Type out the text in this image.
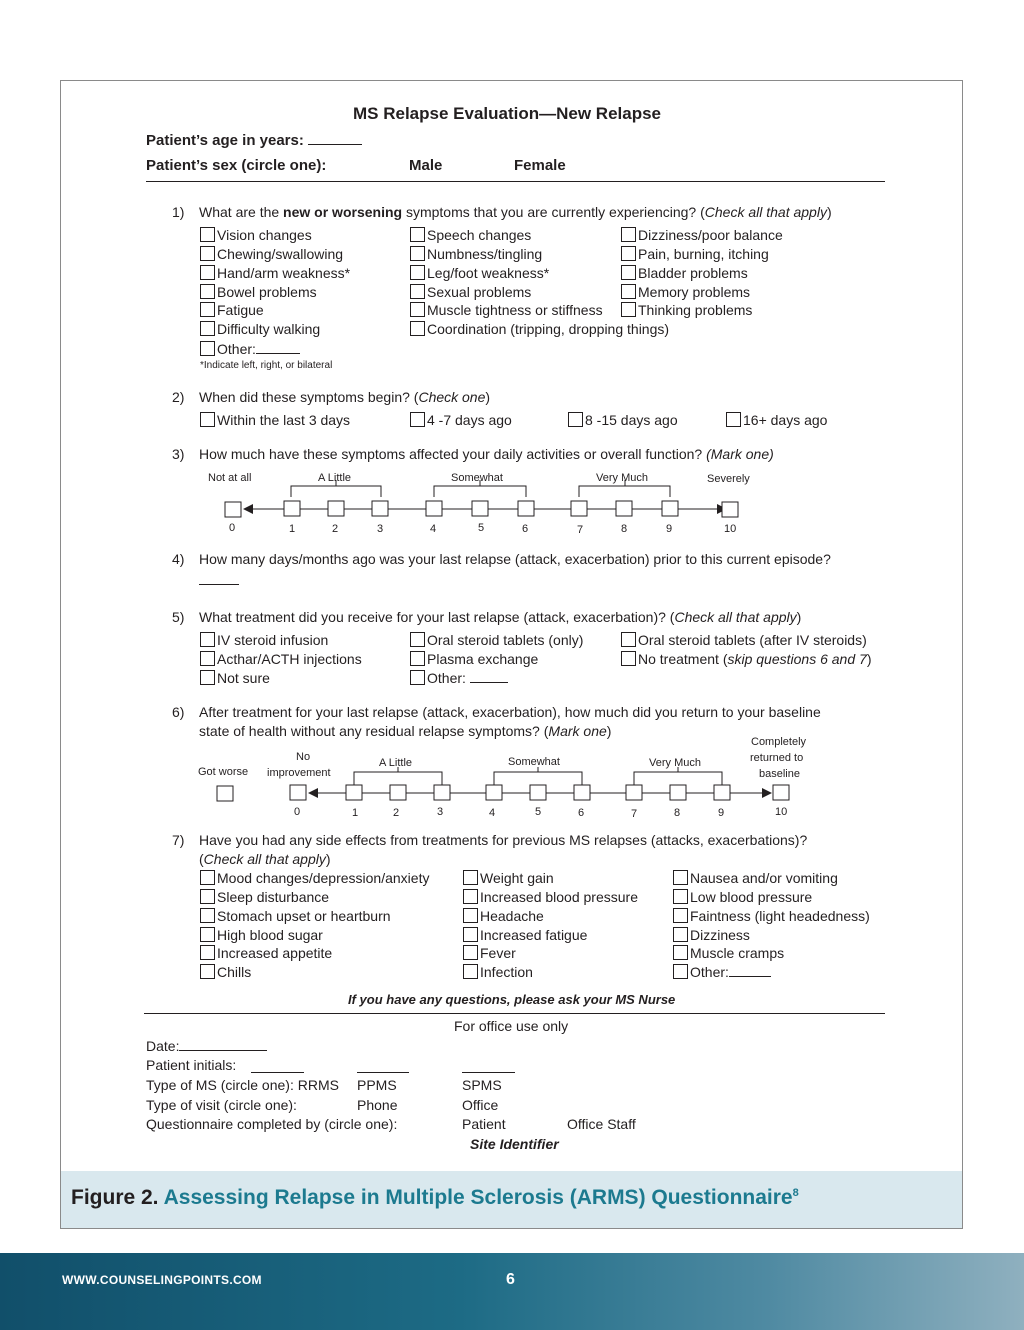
MS Relapse Evaluation—New Relapse
Patient’s age in years:
Patient’s sex (circle one):	Male	Female
1) What are the new or worsening symptoms that you are currently experiencing? (Check all that apply)
Vision changes
Chewing/swallowing
Hand/arm weakness*
Bowel problems
Fatigue
Difficulty walking
Other:
*Indicate left, right, or bilateral
Speech changes
Numbness/tingling
Leg/foot weakness*
Sexual problems
Muscle tightness or stiffness
Coordination (tripping, dropping things)
Dizziness/poor balance
Pain, burning, itching
Bladder problems
Memory problems
Thinking problems
2) When did these symptoms begin? (Check one)
Within the last 3 days	4 -7 days ago	8 -15 days ago	16+ days ago
3) How much have these symptoms affected your daily activities or overall function? (Mark one)
Not at all	A Little	Somewhat	Very Much	Severely
0	1	2	3	4	5	6	7	8	9	10
4) How many days/months ago was your last relapse (attack, exacerbation) prior to this current episode?
5) What treatment did you receive for your last relapse (attack, exacerbation)? (Check all that apply)
IV steroid infusion
Acthar/ACTH injections
Not sure
Oral steroid tablets (only)
Plasma exchange
Other:
Oral steroid tablets (after IV steroids)
No treatment (skip questions 6 and 7)
6) After treatment for your last relapse (attack, exacerbation), how much did you return to your baseline
state of health without any residual relapse symptoms? (Mark one)
Got worse
No
improvement
A Little	Somewhat	Very Much
Completely
returned to
baseline
0	1	2	3	4	5	6	7	8	9	10
7) Have you had any side effects from treatments for previous MS relapses (attacks, exacerbations)?
(Check all that apply)
Mood changes/depression/anxiety
Sleep disturbance
Stomach upset or heartburn
High blood sugar
Increased appetite
Chills
Weight gain
Increased blood pressure
Headache
Increased fatigue
Fever
Infection
Nausea and/or vomiting
Low blood pressure
Faintness (light headedness)
Dizziness
Muscle cramps
Other:
If you have any questions, please ask your MS Nurse
For office use only
Date:
Patient initials:
Type of MS (circle one): RRMS PPMS	SPMS
Type of visit (circle one):	Phone	Office
Questionnaire completed by (circle one):	Patient	Office Staff
Site Identifier
Figure 2. Assessing Relapse in Multiple Sclerosis (ARMS) Questionnaire$^8$
WWW.COUNSELINGPOINTS.COM	6
